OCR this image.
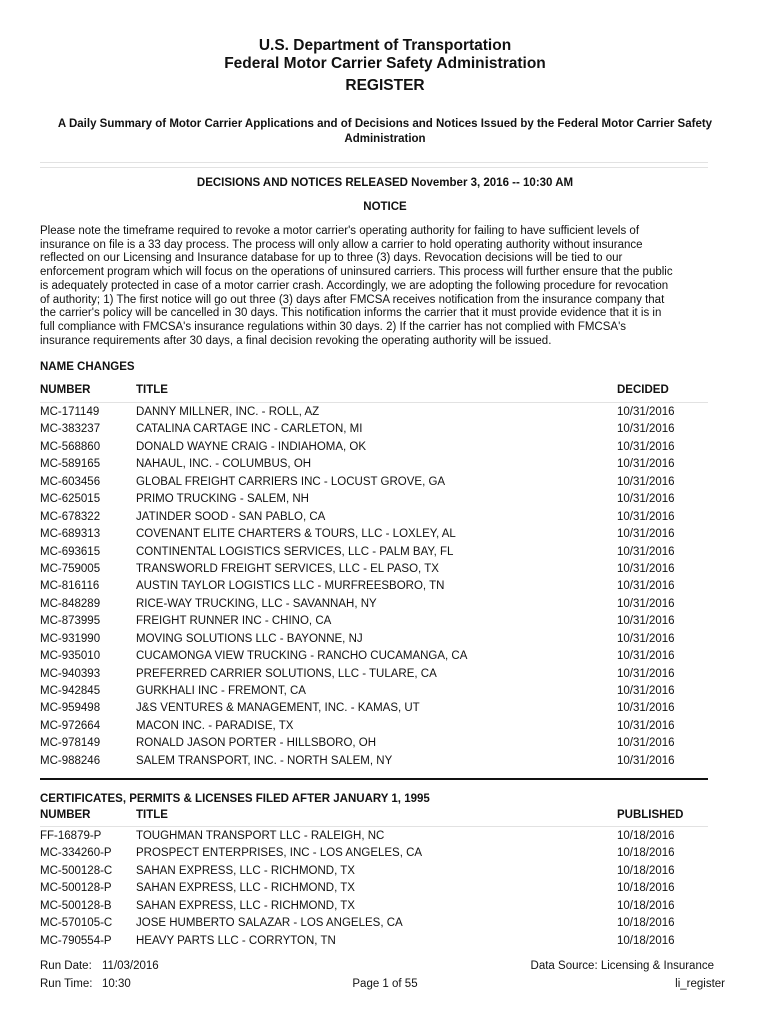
U.S. Department of Transportation
Federal Motor Carrier Safety Administration
REGISTER
A Daily Summary of Motor Carrier Applications and of Decisions and Notices Issued by the Federal Motor Carrier Safety Administration
DECISIONS AND NOTICES RELEASED November 3, 2016 -- 10:30 AM
NOTICE
Please note the timeframe required to revoke a motor carrier's operating authority for failing to have sufficient levels of
insurance on file is a 33 day process. The process will only allow a carrier to hold operating authority without insurance
reflected on our Licensing and Insurance database for up to three (3) days. Revocation decisions will be tied to our
enforcement program which will focus on the operations of uninsured carriers. This process will further ensure that the public
is adequately protected in case of a motor carrier crash. Accordingly, we are adopting the following procedure for revocation
of authority; 1) The first notice will go out three (3) days after FMCSA receives notification from the insurance company that
the carrier's policy will be cancelled in 30 days. This notification informs the carrier that it must provide evidence that it is in
full compliance with FMCSA's insurance regulations within 30 days. 2) If the carrier has not complied with FMCSA's
insurance requirements after 30 days, a final decision revoking the operating authority will be issued.
NAME CHANGES
NUMBER	TITLE	DECIDED
MC-171149	DANNY MILLNER, INC. - ROLL, AZ	10/31/2016
MC-383237	CATALINA CARTAGE INC - CARLETON, MI	10/31/2016
MC-568860	DONALD WAYNE CRAIG - INDIAHOMA, OK	10/31/2016
MC-589165	NAHAUL, INC. - COLUMBUS, OH	10/31/2016
MC-603456	GLOBAL FREIGHT CARRIERS INC - LOCUST GROVE, GA	10/31/2016
MC-625015	PRIMO TRUCKING - SALEM, NH	10/31/2016
MC-678322	JATINDER SOOD - SAN PABLO, CA	10/31/2016
MC-689313	COVENANT ELITE CHARTERS & TOURS, LLC - LOXLEY, AL	10/31/2016
MC-693615	CONTINENTAL LOGISTICS SERVICES, LLC - PALM BAY, FL	10/31/2016
MC-759005	TRANSWORLD FREIGHT SERVICES, LLC - EL PASO, TX	10/31/2016
MC-816116	AUSTIN TAYLOR LOGISTICS LLC - MURFREESBORO, TN	10/31/2016
MC-848289	RICE-WAY TRUCKING, LLC - SAVANNAH, NY	10/31/2016
MC-873995	FREIGHT RUNNER INC - CHINO, CA	10/31/2016
MC-931990	MOVING SOLUTIONS LLC - BAYONNE, NJ	10/31/2016
MC-935010	CUCAMONGA VIEW TRUCKING - RANCHO CUCAMANGA, CA	10/31/2016
MC-940393	PREFERRED CARRIER SOLUTIONS, LLC - TULARE, CA	10/31/2016
MC-942845	GURKHALI INC - FREMONT, CA	10/31/2016
MC-959498	J&S VENTURES & MANAGEMENT, INC. - KAMAS, UT	10/31/2016
MC-972664	MACON INC. - PARADISE, TX	10/31/2016
MC-978149	RONALD JASON PORTER - HILLSBORO, OH	10/31/2016
MC-988246	SALEM TRANSPORT, INC. - NORTH SALEM, NY	10/31/2016
CERTIFICATES, PERMITS & LICENSES FILED AFTER JANUARY 1, 1995
NUMBER	TITLE	PUBLISHED
FF-16879-P	TOUGHMAN TRANSPORT LLC - RALEIGH, NC	10/18/2016
MC-334260-P PROSPECT ENTERPRISES, INC - LOS ANGELES, CA	10/18/2016
MC-500128-C SAHAN EXPRESS, LLC - RICHMOND, TX	10/18/2016
MC-500128-P SAHAN EXPRESS, LLC - RICHMOND, TX	10/18/2016
MC-500128-B SAHAN EXPRESS, LLC - RICHMOND, TX	10/18/2016
MC-570105-C JOSE HUMBERTO SALAZAR - LOS ANGELES, CA	10/18/2016
MC-790554-P HEAVY PARTS LLC - CORRYTON, TN	10/18/2016
Run Date: 11/03/2016
Run Time: 10:30	Page 1 of 55
Data Source: Licensing & Insurance
li_register
